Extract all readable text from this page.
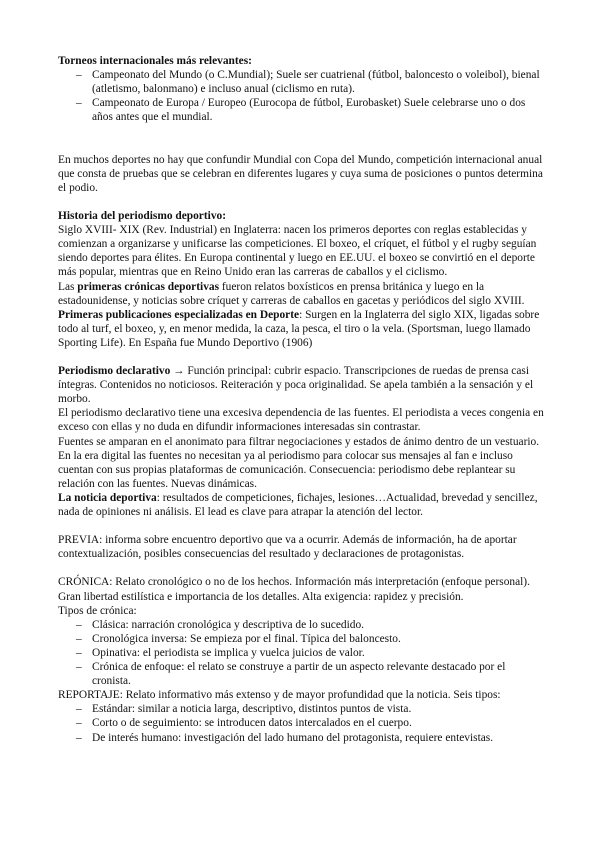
Torneos internacionales más relevantes:

– Campeonato del Mundo (o C.Mundial); Suele ser cuatrienal (fútbol, baloncesto o voleibol), bienal (atletismo, balonmano) e incluso anual (ciclismo en ruta).
– Campeonato de Europa / Europeo (Eurocopa de fútbol, Eurobasket) Suele celebrarse uno o dos años antes que el mundial.

En muchos deportes no hay que confundir Mundial con Copa del Mundo, competición internacional anual que consta de pruebas que se celebran en diferentes lugares y cuya suma de posiciones o puntos determina el podio.

Historia del periodismo deportivo:

Siglo XVIII- XIX (Rev. Industrial) en Inglaterra: nacen los primeros deportes con reglas establecidas y comienzan a organizarse y unificarse las competiciones. El boxeo, el críquet, el fútbol y el rugby seguían siendo deportes para élites. En Europa continental y luego en EE.UU. el boxeo se convirtió en el deporte más popular, mientras que en Reino Unido eran las carreras de caballos y el ciclismo.

Las primeras crónicas deportivas fueron relatos boxísticos en prensa británica y luego en la estadounidense, y noticias sobre críquet y carreras de caballos en gacetas y periódicos del siglo XVIII.

Primeras publicaciones especializadas en Deporte: Surgen en la Inglaterra del siglo XIX, ligadas sobre todo al turf, el boxeo, y, en menor medida, la caza, la pesca, el tiro o la vela. (Sportsman, luego llamado Sporting Life). En España fue Mundo Deportivo (1906)

Periodismo declarativo → Función principal: cubrir espacio. Transcripciones de ruedas de prensa casi íntegras. Contenidos no noticiosos. Reiteración y poca originalidad. Se apela también a la sensación y el morbo.

El periodismo declarativo tiene una excesiva dependencia de las fuentes. El periodista a veces congenia en exceso con ellas y no duda en difundir informaciones interesadas sin contrastar.

Fuentes se amparan en el anonimato para filtrar negociaciones y estados de ánimo dentro de un vestuario.

En la era digital las fuentes no necesitan ya al periodismo para colocar sus mensajes al fan e incluso cuentan con sus propias plataformas de comunicación. Consecuencia: periodismo debe replantear su relación con las fuentes. Nuevas dinámicas.

La noticia deportiva: resultados de competiciones, fichajes, lesiones…Actualidad, brevedad y sencillez, nada de opiniones ni análisis. El lead es clave para atrapar la atención del lector.

PREVIA: informa sobre encuentro deportivo que va a ocurrir. Además de información, ha de aportar contextualización, posibles consecuencias del resultado y declaraciones de protagonistas.

CRÓNICA: Relato cronológico o no de los hechos. Información más interpretación (enfoque personal). Gran libertad estilística e importancia de los detalles. Alta exigencia: rapidez y precisión.

Tipos de crónica:

– Clásica: narración cronológica y descriptiva de lo sucedido.
– Cronológica inversa: Se empieza por el final. Típica del baloncesto.
– Opinativa: el periodista se implica y vuelca juicios de valor.
– Crónica de enfoque: el relato se construye a partir de un aspecto relevante destacado por el cronista.

REPORTAJE: Relato informativo más extenso y de mayor profundidad que la noticia. Seis tipos:

– Estándar: similar a noticia larga, descriptivo, distintos puntos de vista.
– Corto o de seguimiento: se introducen datos intercalados en el cuerpo.
– De interés humano: investigación del lado humano del protagonista, requiere entevistas.
